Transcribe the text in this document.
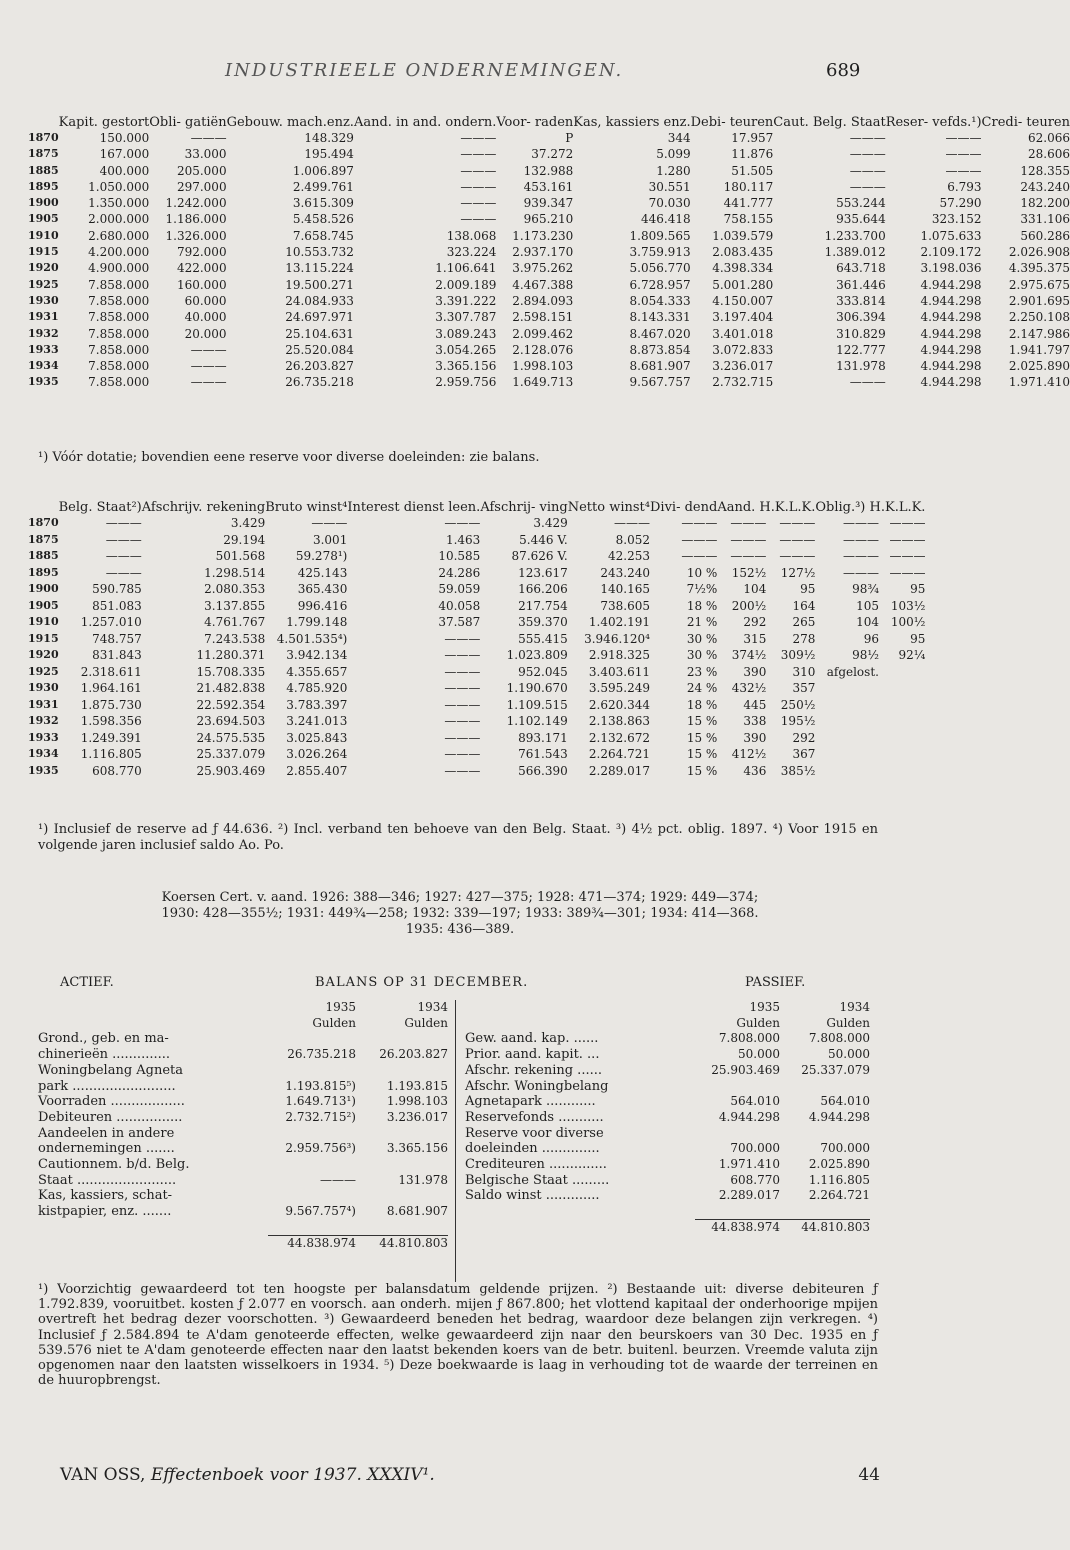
INDUSTRIEELE ONDERNEMINGEN.	689
	Kapit. gestort	Obli- gatiën	Gebouw. mach.enz.	Aand. in and. ondern.	Voor- raden	Kas, kassiers enz.	Debi- teuren	Caut. Belg. Staat	Reser- vefds.¹)	Credi- teuren
1870	150.000	———	148.329	———	P	344	17.957	———	———	62.066
1875	167.000	33.000	195.494	———	37.272	5.099	11.876	———	———	28.606
1885	400.000	205.000	1.006.897	———	132.988	1.280	51.505	———	———	128.355
1895	1.050.000	297.000	2.499.761	———	453.161	30.551	180.117	———	6.793	243.240
1900	1.350.000	1.242.000	3.615.309	———	939.347	70.030	441.777	553.244	57.290	182.200
1905	2.000.000	1.186.000	5.458.526	———	965.210	446.418	758.155	935.644	323.152	331.106
1910	2.680.000	1.326.000	7.658.745	138.068	1.173.230	1.809.565	1.039.579	1.233.700	1.075.633	560.286
1915	4.200.000	792.000	10.553.732	323.224	2.937.170	3.759.913	2.083.435	1.389.012	2.109.172	2.026.908
1920	4.900.000	422.000	13.115.224	1.106.641	3.975.262	5.056.770	4.398.334	643.718	3.198.036	4.395.375
1925	7.858.000	160.000	19.500.271	2.009.189	4.467.388	6.728.957	5.001.280	361.446	4.944.298	2.975.675
1930	7.858.000	60.000	24.084.933	3.391.222	2.894.093	8.054.333	4.150.007	333.814	4.944.298	2.901.695
1931	7.858.000	40.000	24.697.971	3.307.787	2.598.151	8.143.331	3.197.404	306.394	4.944.298	2.250.108
1932	7.858.000	20.000	25.104.631	3.089.243	2.099.462	8.467.020	3.401.018	310.829	4.944.298	2.147.986
1933	7.858.000	———	25.520.084	3.054.265	2.128.076	8.873.854	3.072.833	122.777	4.944.298	1.941.797
1934	7.858.000	———	26.203.827	3.365.156	1.998.103	8.681.907	3.236.017	131.978	4.944.298	2.025.890
1935	7.858.000	———	26.735.218	2.959.756	1.649.713	9.567.757	2.732.715	———	4.944.298	1.971.410
¹) Vóór dotatie; bovendien eene reserve voor diverse doeleinden: zie balans.
	Belg. Staat²)	Afschrijv. rekening	Bruto winst⁴	Interest dienst leen.	Afschrij- ving	Netto winst⁴	Divi- dend	Aand. H.K.L.K.		Oblig.³) H.K.L.K.	
1870	———	3.429	———	———	3.429	———	———	———	———	———	———
1875	———	29.194	3.001	1.463	5.446 V.	8.052	———	———	———	———	———
1885	———	501.568	59.278¹)	10.585	87.626 V.	42.253	———	———	———	———	———
1895	———	1.298.514	425.143	24.286	123.617	243.240	10 %	152½	127½	———	———
1900	590.785	2.080.353	365.430	59.059	166.206	140.165	7½%	104	95	98¾	95
1905	851.083	3.137.855	996.416	40.058	217.754	738.605	18 %	200½	164	105	103½
1910	1.257.010	4.761.767	1.799.148	37.587	359.370	1.402.191	21 %	292	265	104	100½
1915	748.757	7.243.538	4.501.535⁴)	———	555.415	3.946.120⁴	30 %	315	278	96	95
1920	831.843	11.280.371	3.942.134	———	1.023.809	2.918.325	30 %	374½	309½	98½	92¼
1925	2.318.611	15.708.335	4.355.657	———	952.045	3.403.611	23 %	390	310	afgelost.	
1930	1.964.161	21.482.838	4.785.920	———	1.190.670	3.595.249	24 %	432½	357		
1931	1.875.730	22.592.354	3.783.397	———	1.109.515	2.620.344	18 %	445	250½		
1932	1.598.356	23.694.503	3.241.013	———	1.102.149	2.138.863	15 %	338	195½		
1933	1.249.391	24.575.535	3.025.843	———	893.171	2.132.672	15 %	390	292		
1934	1.116.805	25.337.079	3.026.264	———	761.543	2.264.721	15 %	412½	367		
1935	608.770	25.903.469	2.855.407	———	566.390	2.289.017	15 %	436	385½		
¹) Inclusief de reserve ad ƒ 44.636. ²) Incl. verband ten behoeve van den Belg. Staat. ³) 4½ pct. oblig. 1897. ⁴) Voor 1915 en volgende jaren inclusief saldo Ao. Po.
Koersen Cert. v. aand. 1926: 388—346; 1927: 427—375; 1928: 471—374; 1929: 449—374;
1930: 428—355½; 1931: 449¾—258; 1932: 339—197; 1933: 389¾—301; 1934: 414—368.
1935: 436—389.
ACTIEF.	BALANS OP 31 DECEMBER.	PASSIEF.
	1935	1934
	Gulden	Gulden
Grond., geb. en ma-		
chinerieën ..............	26.735.218	26.203.827
Woningbelang Agneta		
park .........................	1.193.815⁵)	1.193.815
Voorraden ..................	1.649.713¹)	1.998.103
Debiteuren ................	2.732.715²)	3.236.017
Aandeelen in andere		
ondernemingen .......	2.959.756³)	3.365.156
Cautionnem. b/d. Belg.		
Staat ........................	———	131.978
Kas, kassiers, schat-		
kistpapier, enz. .......	9.567.757⁴)	8.681.907

	44.838.974	44.810.803
	1935	1934
	Gulden	Gulden
Gew. aand. kap. ......	7.808.000	7.808.000
Prior. aand. kapit. ...	50.000	50.000
Afschr. rekening ......	25.903.469	25.337.079
Afschr. Woningbelang		
Agnetapark ............	564.010	564.010
Reservefonds ...........	4.944.298	4.944.298
Reserve voor diverse		
doeleinden ..............	700.000	700.000
Crediteuren ..............	1.971.410	2.025.890
Belgische Staat .........	608.770	1.116.805
Saldo winst .............	2.289.017	2.264.721

	44.838.974	44.810.803
¹) Voorzichtig gewaardeerd tot ten hoogste per balansdatum geldende prijzen. ²) Bestaande uit: diverse debiteuren ƒ 1.792.839, vooruitbet. kosten ƒ 2.077 en voorsch. aan onderh. mijen ƒ 867.800; het vlottend kapitaal der onderhoorige mpijen overtreft het bedrag dezer voorschotten. ³) Gewaardeerd beneden het bedrag, waardoor deze belangen zijn verkregen. ⁴) Inclusief ƒ 2.584.894 te A'dam genoteerde effecten, welke gewaardeerd zijn naar den beurskoers van 30 Dec. 1935 en ƒ 539.576 niet te A'dam genoteerde effecten naar den laatst bekenden koers van de betr. buitenl. beurzen. Vreemde valuta zijn opgenomen naar den laatsten wisselkoers in 1934. ⁵) Deze boekwaarde is laag in verhouding tot de waarde der terreinen en de huuropbrengst.
VAN OSS, Effectenboek voor 1937. XXXIV¹.	44
